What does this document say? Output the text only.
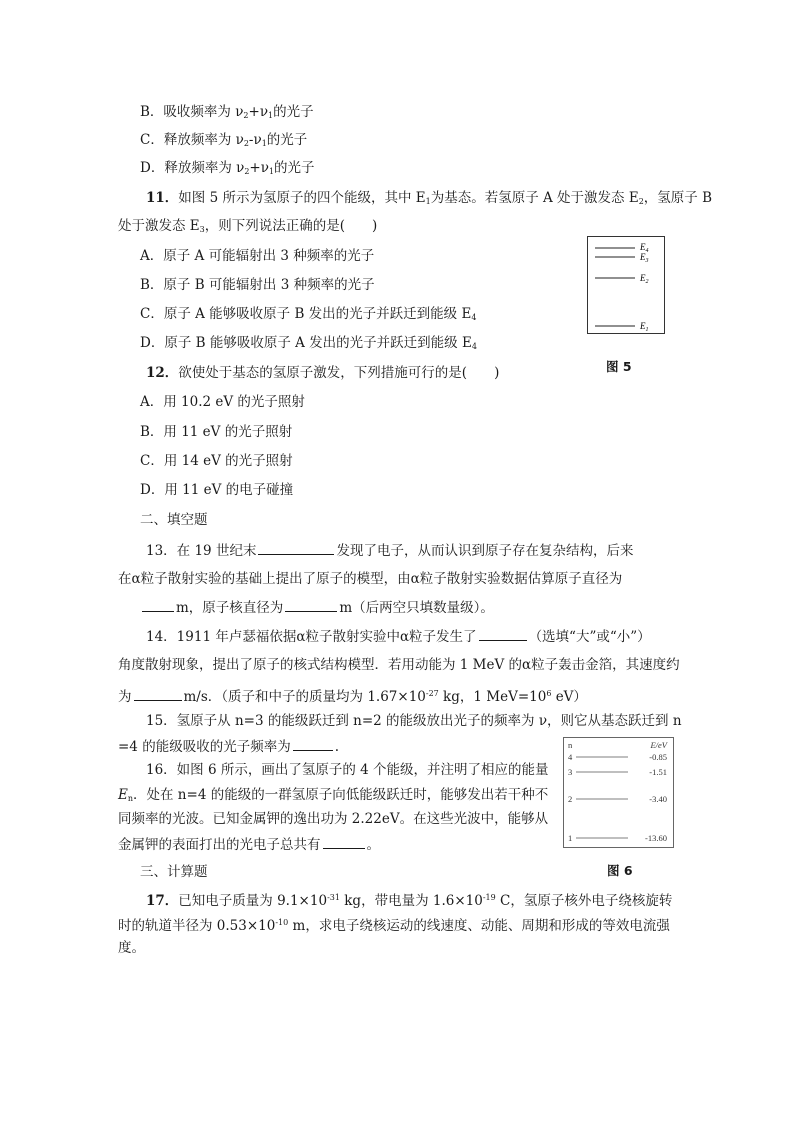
B．吸收频率为 $\nu_2+\nu_1$的光子
C．释放频率为 $\nu_2-\nu_1$的光子
D．释放频率为 $\nu_2+\nu_1$的光子
11．如图 5 所示为氢原子的四个能级，其中 $E_1$为基态。若氢原子 A 处于激发态 $E_2$，氢原子 B
处于激发态 $E_3$，则下列说法正确的是(　　)
A．原子 A 可能辐射出 3 种频率的光子
B．原子 B 可能辐射出 3 种频率的光子
C．原子 A 能够吸收原子 B 发出的光子并跃迁到能级 $E_4$
D．原子 B 能够吸收原子 A 发出的光子并跃迁到能级 $E_4$
$E_4$
$E_3$
$E_2$
$E_1$
图 5
12．欲使处于基态的氢原子激发，下列措施可行的是(　　)
A．用 10.2 eV 的光子照射
B．用 11 eV 的光子照射
C．用 14 eV 的光子照射
D．用 11 eV 的电子碰撞
二、填空题
13．在 19 世纪末	发现了电子，从而认识到原子存在复杂结构，后来
在α粒子散射实验的基础上提出了原子的模型，由α粒子散射实验数据估算原子直径为
m，原子核直径为	m（后两空只填数量级）。
14．1911 年卢瑟福依据α粒子散射实验中α粒子发生了	（选填“大”或“小”）
角度散射现象，提出了原子的核式结构模型．若用动能为 1 MeV 的α粒子轰击金箔，其速度约
为	m/s．（质子和中子的质量均为 $1.67\times 10^{-27}$ kg，1 $MeV=10^6$ eV）
15．氢原子从 n=3 的能级跃迁到 n=2 的能级放出光子的频率为 ν，则它从基态跃迁到 n
=4 的能级吸收的光子频率为	.
16．如图 6 所示，画出了氢原子的 4 个能级，并注明了相应的能量
$E_n$．处在 n=4 的能级的一群氢原子向低能级跃迁时，能够发出若干种不
同频率的光波。已知金属钾的逸出功为 2.22eV。在这些光波中，能够从
金属钾的表面打出的光电子总共有	。
n	E/eV
4	-0.85
3	-1.51
2	-3.40
1	-13.60
图 6
三、计算题
17．已知电子质量为 $9.1\times 10^{-31}$ kg，带电量为 $1.6\times 10^{-19}$ C，氢原子核外电子绕核旋转
时的轨道半径为 $0.53\times 10^{-10}$ m，求电子绕核运动的线速度、动能、周期和形成的等效电流强
度。
